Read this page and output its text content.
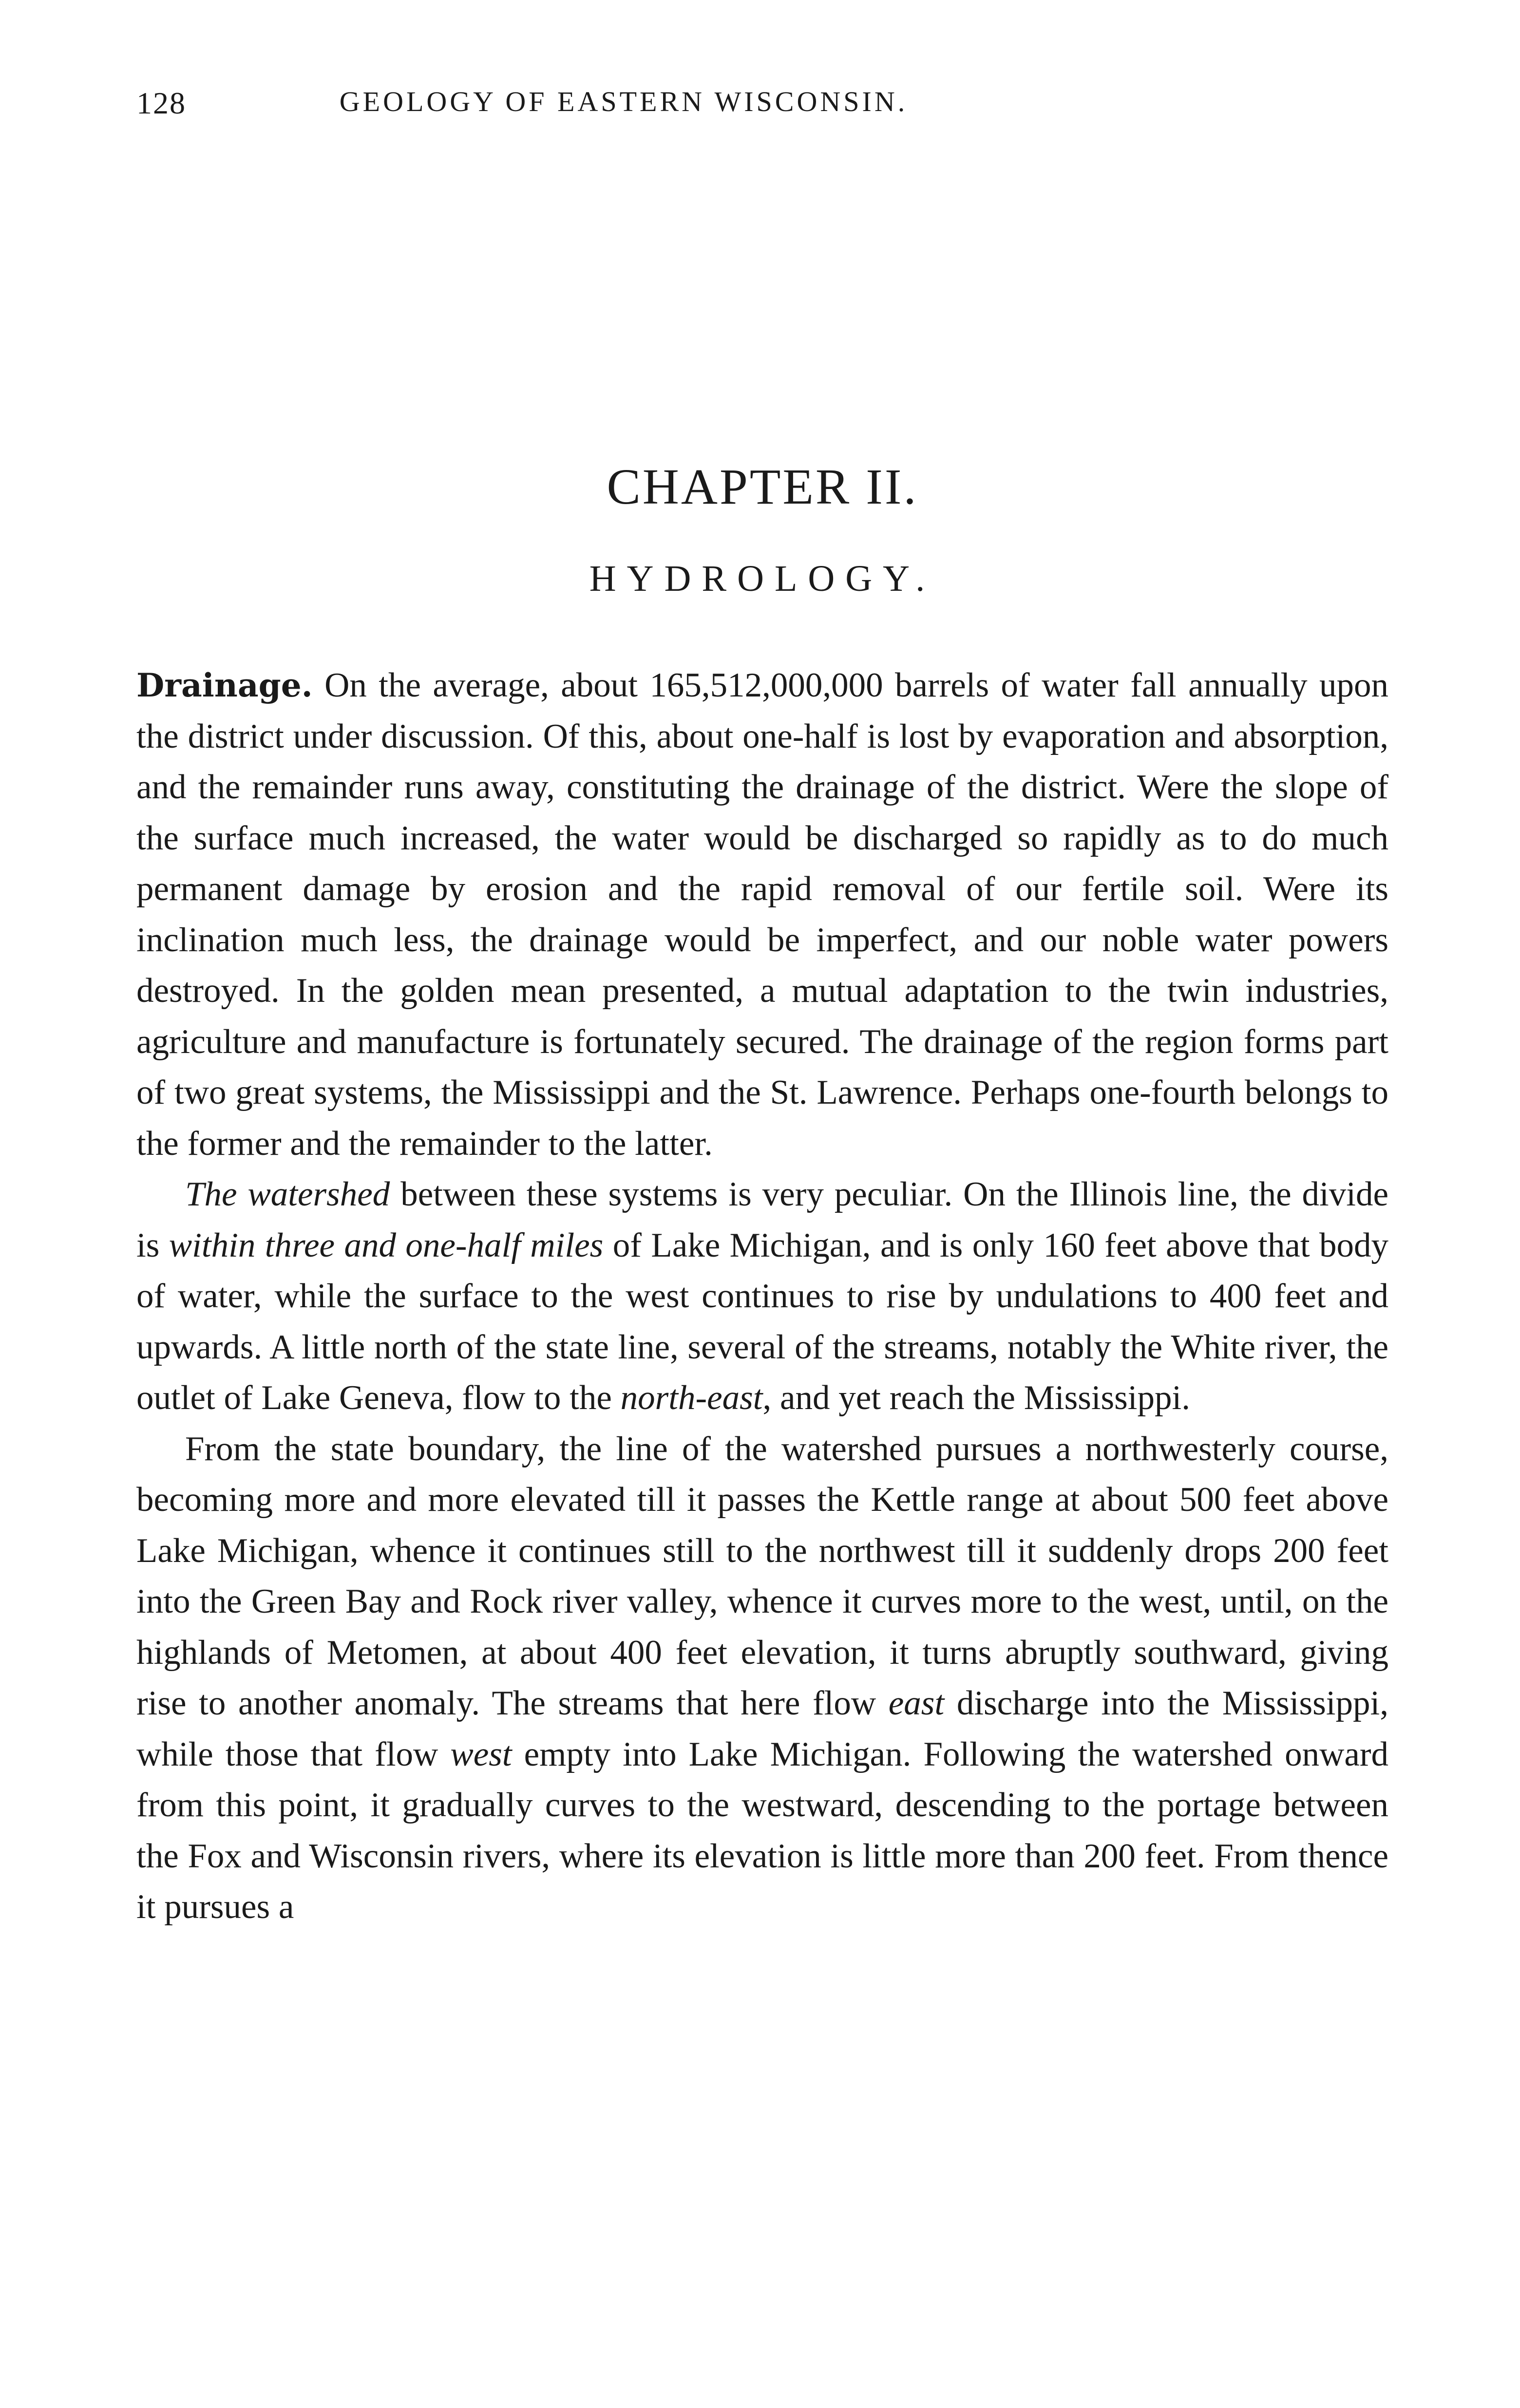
128	GEOLOGY OF EASTERN WISCONSIN.
CHAPTER II.
HYDROLOGY.

Drainage. On the average, about 165,512,000,000 barrels of water fall annually upon the district under discussion. Of this, about one-half is lost by evaporation and absorption, and the remainder runs away, constituting the drainage of the district. Were the slope of the surface much increased, the water would be discharged so rapidly as to do much permanent damage by erosion and the rapid removal of our fertile soil. Were its inclination much less, the drainage would be imperfect, and our noble water powers destroyed. In the golden mean presented, a mutual adaptation to the twin industries, agriculture and manufacture is fortunately secured. The drainage of the region forms part of two great systems, the Mississippi and the St. Lawrence. Perhaps one-fourth belongs to the former and the remainder to the latter.

The watershed between these systems is very peculiar. On the Illinois line, the divide is within three and one-half miles of Lake Michigan, and is only 160 feet above that body of water, while the surface to the west continues to rise by undulations to 400 feet and upwards. A little north of the state line, several of the streams, notably the White river, the outlet of Lake Geneva, flow to the north-east, and yet reach the Mississippi.

From the state boundary, the line of the watershed pursues a northwesterly course, becoming more and more elevated till it passes the Kettle range at about 500 feet above Lake Michigan, whence it continues still to the northwest till it suddenly drops 200 feet into the Green Bay and Rock river valley, whence it curves more to the west, until, on the highlands of Metomen, at about 400 feet elevation, it turns abruptly southward, giving rise to another anomaly. The streams that here flow east discharge into the Mississippi, while those that flow west empty into Lake Michigan. Following the watershed onward from this point, it gradually curves to the westward, descending to the portage between the Fox and Wisconsin rivers, where its elevation is little more than 200 feet. From thence it pursues a
